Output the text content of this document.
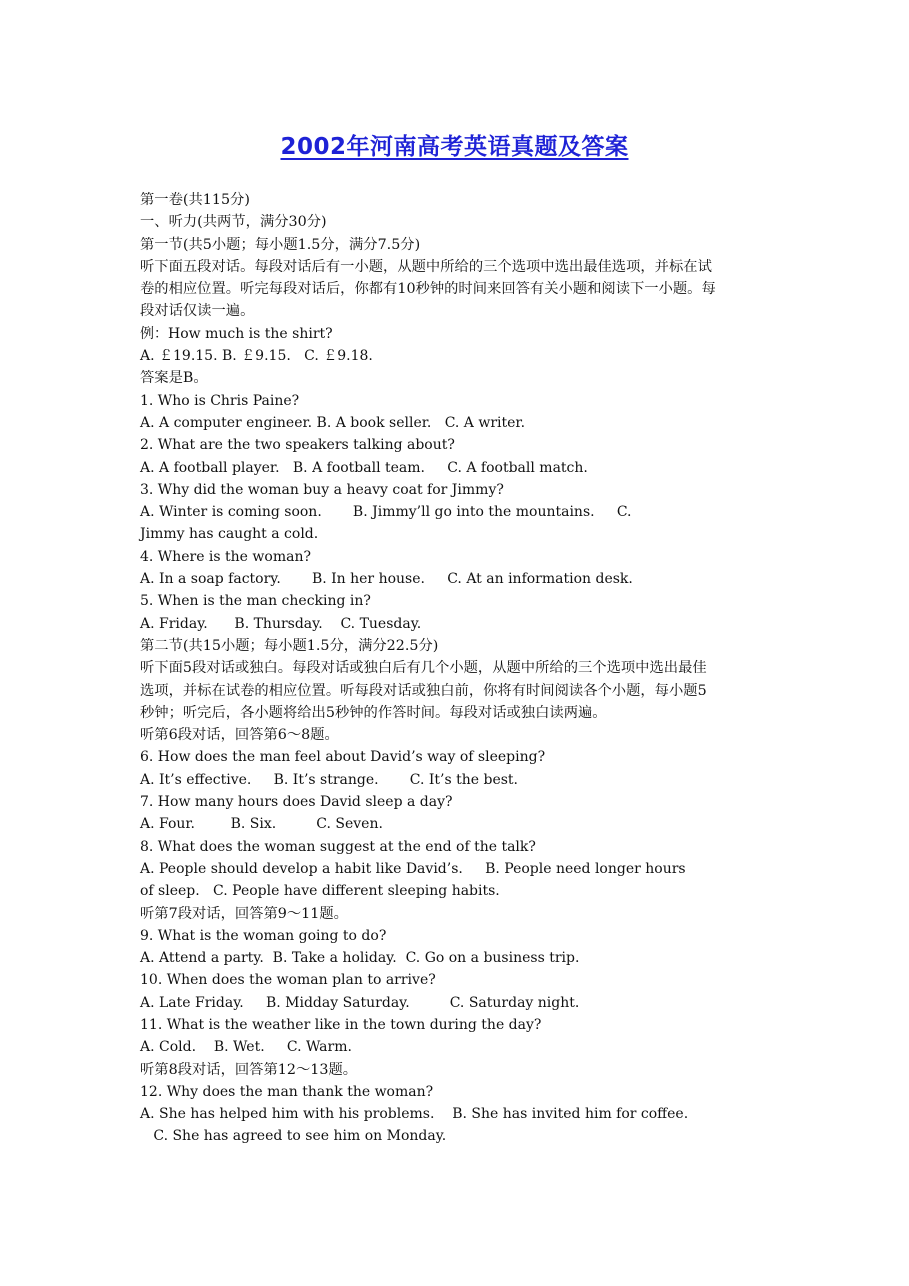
2002年河南高考英语真题及答案

第一卷(共115分)

一、听力(共两节，满分30分)

第一节(共5小题；每小题1.5分，满分7.5分)

听下面五段对话。每段对话后有一小题，从题中所给的三个选项中选出最佳选项，并标在试

卷的相应位置。听完每段对话后，你都有10秒钟的时间来回答有关小题和阅读下一小题。每

段对话仅读一遍。

例：How much is the shirt?

A. ￡19.15. B. ￡9.15.   C. ￡9.18.

答案是B。

1. Who is Chris Paine?

A. A computer engineer. B. A book seller.   C. A writer.

2. What are the two speakers talking about?

A. A football player.   B. A football team.     C. A football match.

3. Why did the woman buy a heavy coat for Jimmy?

A. Winter is coming soon.       B. Jimmy’ll go into the mountains.     C.

Jimmy has caught a cold.

4. Where is the woman?

A. In a soap factory.       B. In her house.     C. At an information desk.

5. When is the man checking in?

A. Friday.      B. Thursday.    C. Tuesday.

第二节(共15小题；每小题1.5分，满分22.5分)

听下面5段对话或独白。每段对话或独白后有几个小题，从题中所给的三个选项中选出最佳

选项，并标在试卷的相应位置。听每段对话或独白前，你将有时间阅读各个小题，每小题5

秒钟；听完后，各小题将给出5秒钟的作答时间。每段对话或独白读两遍。

听第6段对话，回答第6～8题。

6. How does the man feel about David’s way of sleeping?

A. It’s effective.     B. It’s strange.       C. It’s the best.

7. How many hours does David sleep a day?

A. Four.        B. Six.         C. Seven.

8. What does the woman suggest at the end of the talk?

A. People should develop a habit like David’s.     B. People need longer hours

of sleep.   C. People have different sleeping habits.

听第7段对话，回答第9～11题。

9. What is the woman going to do?

A. Attend a party.  B. Take a holiday.  C. Go on a business trip.

10. When does the woman plan to arrive?

A. Late Friday.     B. Midday Saturday.         C. Saturday night.

11. What is the weather like in the town during the day?

A. Cold.    B. Wet.     C. Warm.

听第8段对话，回答第12～13题。

12. Why does the man thank the woman?

A. She has helped him with his problems.    B. She has invited him for coffee.

C. She has agreed to see him on Monday.
